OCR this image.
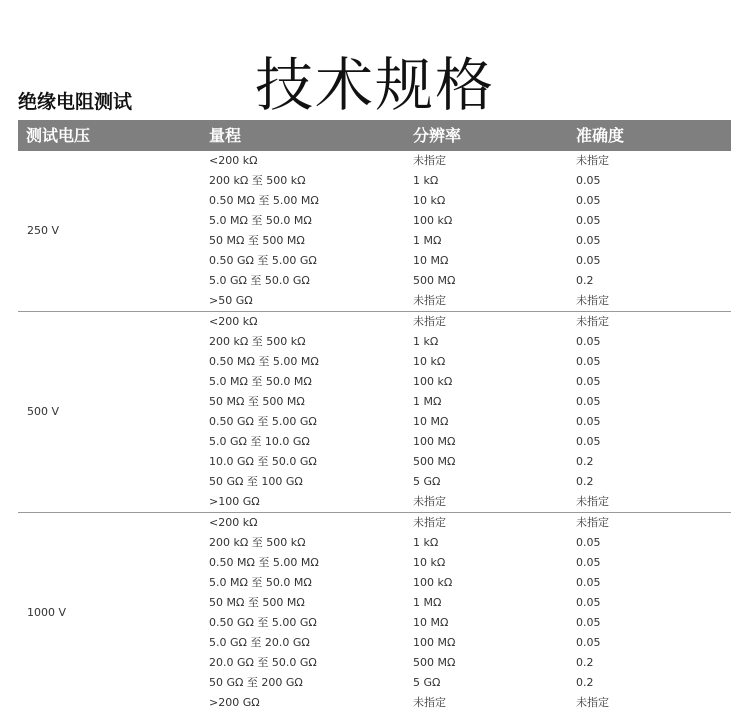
技术规格
绝缘电阻测试
测试电压	量程	分辨率	准确度
250 V	<200 kΩ	未指定	未指定
	200 kΩ 至 500 kΩ	1 kΩ	0.05
	0.50 MΩ 至 5.00 MΩ	10 kΩ	0.05
	5.0 MΩ 至 50.0 MΩ	100 kΩ	0.05
	50 MΩ 至 500 MΩ	1 MΩ	0.05
	0.50 GΩ 至 5.00 GΩ	10 MΩ	0.05
	5.0 GΩ 至 50.0 GΩ	500 MΩ	0.2
	>50 GΩ	未指定	未指定
500 V	<200 kΩ	未指定	未指定
	200 kΩ 至 500 kΩ	1 kΩ	0.05
	0.50 MΩ 至 5.00 MΩ	10 kΩ	0.05
	5.0 MΩ 至 50.0 MΩ	100 kΩ	0.05
	50 MΩ 至 500 MΩ	1 MΩ	0.05
	0.50 GΩ 至 5.00 GΩ	10 MΩ	0.05
	5.0 GΩ 至 10.0 GΩ	100 MΩ	0.05
	10.0 GΩ 至 50.0 GΩ	500 MΩ	0.2
	50 GΩ 至 100 GΩ	5 GΩ	0.2
	>100 GΩ	未指定	未指定
1000 V	<200 kΩ	未指定	未指定
	200 kΩ 至 500 kΩ	1 kΩ	0.05
	0.50 MΩ 至 5.00 MΩ	10 kΩ	0.05
	5.0 MΩ 至 50.0 MΩ	100 kΩ	0.05
	50 MΩ 至 500 MΩ	1 MΩ	0.05
	0.50 GΩ 至 5.00 GΩ	10 MΩ	0.05
	5.0 GΩ 至 20.0 GΩ	100 MΩ	0.05
	20.0 GΩ 至 50.0 GΩ	500 MΩ	0.2
	50 GΩ 至 200 GΩ	5 GΩ	0.2
	>200 GΩ	未指定	未指定
